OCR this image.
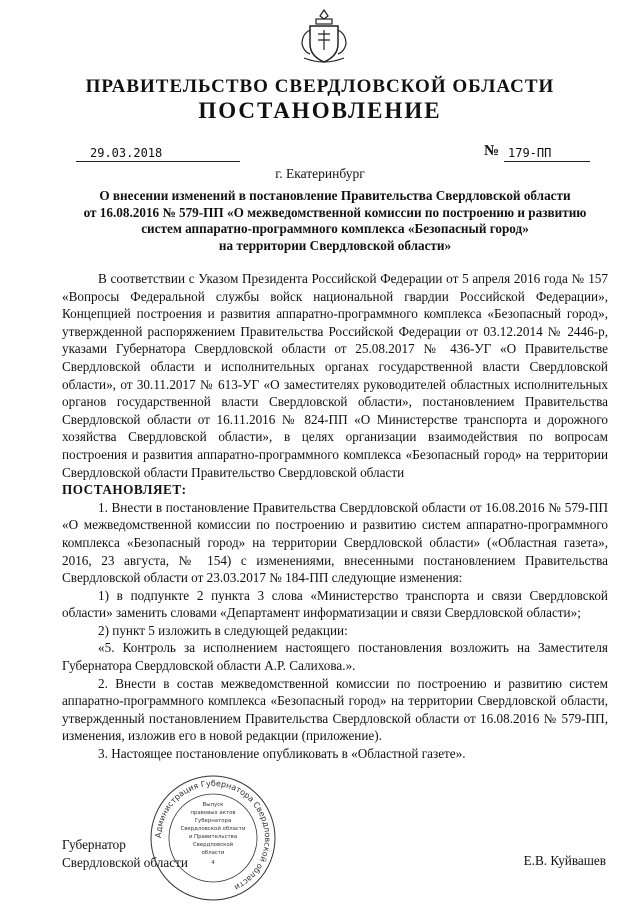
ПРАВИТЕЛЬСТВО СВЕРДЛОВСКОЙ ОБЛАСТИ
ПОСТАНОВЛЕНИЕ
29.03.2018	№ 179-ПП
г. Екатеринбург
О внесении изменений в постановление Правительства Свердловской области
от 16.08.2016 № 579-ПП «О межведомственной комиссии по построению и развитию
систем аппаратно-программного комплекса «Безопасный город»
на территории Свердловской области»

В соответствии с Указом Президента Российской Федерации от 5 апреля 2016 года № 157 «Вопросы Федеральной службы войск национальной гвардии Российской Федерации», Концепцией построения и развития аппаратно-программного комплекса «Безопасный город», утвержденной распоряжением Правительства Российской Федерации от 03.12.2014 № 2446-р, указами Губернатора Свердловской области от 25.08.2017 № 436-УГ «О Правительстве Свердловской области и исполнительных органах государственной власти Свердловской области», от 30.11.2017 № 613-УГ «О заместителях руководителей областных исполнительных органов государственной власти Свердловской области», постановлением Правительства Свердловской области от 16.11.2016 № 824-ПП «О Министерстве транспорта и дорожного хозяйства Свердловской области», в целях организации взаимодействия по вопросам построения и развития аппаратно-программного комплекса «Безопасный город» на территории Свердловской области Правительство Свердловской области

ПОСТАНОВЛЯЕТ:

1. Внести в постановление Правительства Свердловской области от 16.08.2016 № 579-ПП «О межведомственной комиссии по построению и развитию систем аппаратно-программного комплекса «Безопасный город» на территории Свердловской области» («Областная газета», 2016, 23 августа, № 154) с изменениями, внесенными постановлением Правительства Свердловской области от 23.03.2017 № 184-ПП следующие изменения:

1) в подпункте 2 пункта 3 слова «Министерство транспорта и связи Свердловской области» заменить словами «Департамент информатизации и связи Свердловской области»;

2) пункт 5 изложить в следующей редакции:

«5. Контроль за исполнением настоящего постановления возложить на Заместителя Губернатора Свердловской области А.Р. Салихова.».

2. Внести в состав межведомственной комиссии по построению и развитию систем аппаратно-программного комплекса «Безопасный город» на территории Свердловской области, утвержденный постановлением Правительства Свердловской области от 16.08.2016 № 579-ПП, изменения, изложив его в новой редакции (приложение).

3. Настоящее постановление опубликовать в «Областной газете».

Губернатор
Свердловской области	Е.В. Куйвашев
Администрация Губернатора Свердловской области
Выпуск
правовых актов
Губернатора
Свердловской области
и Правительства
Свердловской
области
4
